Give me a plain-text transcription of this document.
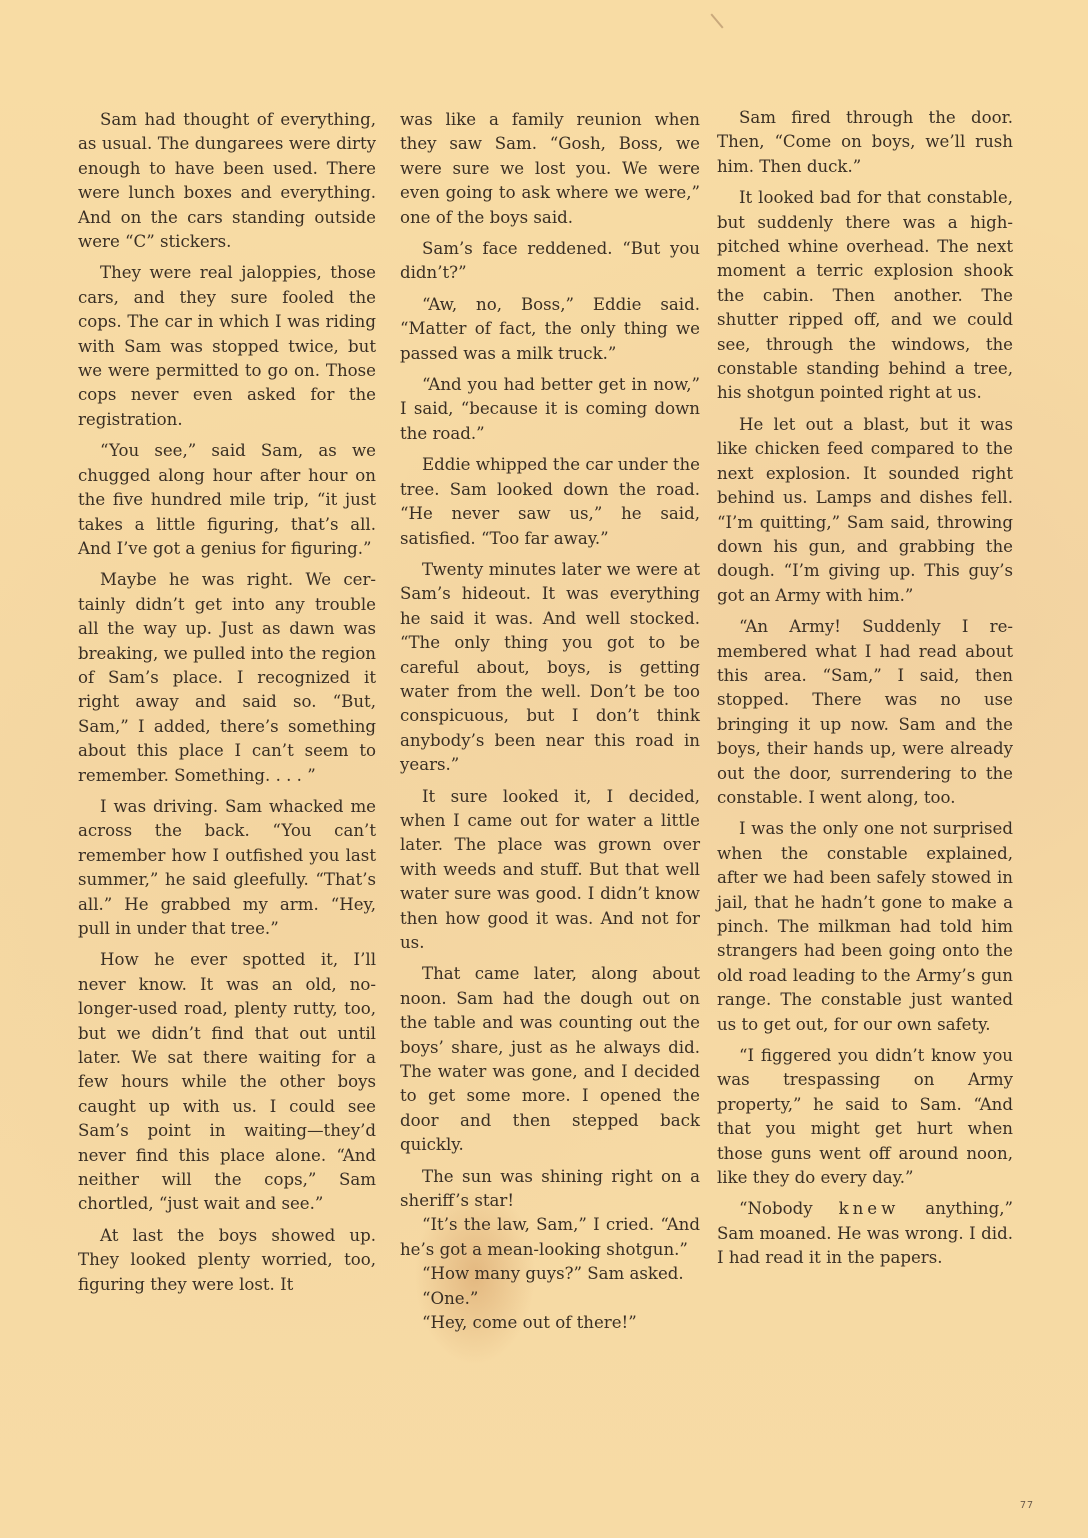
Sam had thought of everything, as usual. The dungarees were dirty enough to have been used. There were lunch boxes and everything. And on the cars standing outside were “C” stickers.

They were real jaloppies, those cars, and they sure fooled the cops. The car in which I was riding with Sam was stopped twice, but we were permitted to go on. Those cops never even asked for the registration.

“You see,” said Sam, as we chugged along hour after hour on the five hundred mile trip, “it just takes a little figuring, that’s all. And I’ve got a genius for figuring.”

Maybe he was right. We certainly didn’t get into any trouble all the way up. Just as dawn was breaking, we pulled into the region of Sam’s place. I recognized it right away and said so. “But, Sam,” I added, there’s something about this place I can’t seem to remember. Something. . . . ”

I was driving. Sam whacked me across the back. “You can’t remember how I outfished you last summer,” he said gleefully. “That’s all.” He grabbed my arm. “Hey, pull in under that tree.”

How he ever spotted it, I’ll never know. It was an old, no-longer-used road, plenty rutty, too, but we didn’t find that out until later. We sat there waiting for a few hours while the other boys caught up with us. I could see Sam’s point in waiting—they’d never find this place alone. “And neither will the cops,” Sam chortled, “just wait and see.”

At last the boys showed up. They looked plenty worried, too, figuring they were lost. It

was like a family reunion when they saw Sam. “Gosh, Boss, we were sure we lost you. We were even going to ask where we were,” one of the boys said.

Sam’s face reddened. “But you didn’t?”

“Aw, no, Boss,” Eddie said. “Matter of fact, the only thing we passed was a milk truck.”

“And you had better get in now,” I said, “because it is coming down the road.”

Eddie whipped the car under the tree. Sam looked down the road. “He never saw us,” he said, satisfied. “Too far away.”

Twenty minutes later we were at Sam’s hideout. It was everything he said it was. And well stocked. “The only thing you got to be careful about, boys, is getting water from the well. Don’t be too conspicuous, but I don’t think anybody’s been near this road in years.”

It sure looked it, I decided, when I came out for water a little later. The place was grown over with weeds and stuff. But that well water sure was good. I didn’t know then how good it was. And not for us.

That came later, along about noon. Sam had the dough out on the table and was counting out the boys’ share, just as he always did. The water was gone, and I decided to get some more. I opened the door and then stepped back quickly.

The sun was shining right on a sheriff’s star!

“It’s the law, Sam,” I cried. “And he’s got a mean-looking shotgun.”

“How many guys?” Sam asked.

“One.”

“Hey, come out of there!”

Sam fired through the door. Then, “Come on boys, we’ll rush him. Then duck.”

It looked bad for that constable, but suddenly there was a high-pitched whine overhead. The next moment a terric explosion shook the cabin. Then another. The shutter ripped off, and we could see, through the windows, the constable standing behind a tree, his shotgun pointed right at us.

He let out a blast, but it was like chicken feed compared to the next explosion. It sounded right behind us. Lamps and dishes fell. “I’m quitting,” Sam said, throwing down his gun, and grabbing the dough. “I’m giving up. This guy’s got an Army with him.”

“An Army! Suddenly I remembered what I had read about this area. “Sam,” I said, then stopped. There was no use bringing it up now. Sam and the boys, their hands up, were already out the door, surrendering to the constable. I went along, too.

I was the only one not surprised when the constable explained, after we had been safely stowed in jail, that he hadn’t gone to make a pinch. The milkman had told him strangers had been going onto the old road leading to the Army’s gun range. The constable just wanted us to get out, for our own safety.

“I figgered you didn’t know you was trespassing on Army property,” he said to Sam. “And that you might get hurt when those guns went off around noon, like they do every day.”

“Nobody knew anything,” Sam moaned. He was wrong. I did. I had read it in the papers.

77
